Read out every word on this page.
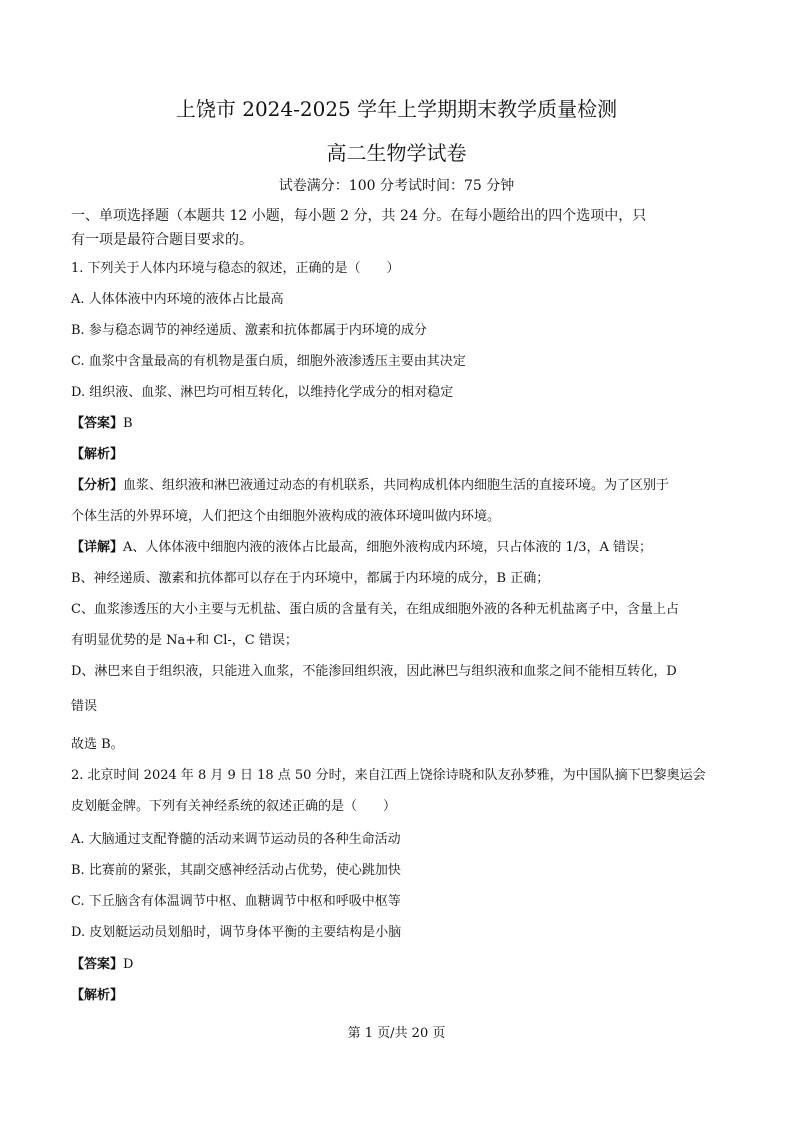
上饶市 2024-2025 学年上学期期末教学质量检测
高二生物学试卷
试卷满分：100 分考试时间：75 分钟
一、单项选择题（本题共 12 小题，每小题 2 分，共 24 分。在每小题给出的四个选项中，只
有一项是最符合题目要求的。
1. 下列关于人体内环境与稳态的叙述，正确的是（　　）
A. 人体体液中内环境的液体占比最高
B. 参与稳态调节的神经递质、激素和抗体都属于内环境的成分
C. 血浆中含量最高的有机物是蛋白质，细胞外液渗透压主要由其决定
D. 组织液、血浆、淋巴均可相互转化，以维持化学成分的相对稳定
【答案】B
【解析】
【分析】血浆、组织液和淋巴液通过动态的有机联系，共同构成机体内细胞生活的直接环境。为了区别于
个体生活的外界环境，人们把这个由细胞外液构成的液体环境叫做内环境。
【详解】A、人体体液中细胞内液的液体占比最高，细胞外液构成内环境，只占体液的 1/3，A 错误；
B、神经递质、激素和抗体都可以存在于内环境中，都属于内环境的成分，B 正确；
C、血浆渗透压的大小主要与无机盐、蛋白质的含量有关，在组成细胞外液的各种无机盐离子中，含量上占
有明显优势的是 Na+和 Cl-，C 错误；
D、淋巴来自于组织液，只能进入血浆，不能渗回组织液，因此淋巴与组织液和血浆之间不能相互转化，D
错误
故选 B。
2. 北京时间 2024 年 8 月 9 日 18 点 50 分时，来自江西上饶徐诗晓和队友孙梦雅，为中国队摘下巴黎奥运会
皮划艇金牌。下列有关神经系统的叙述正确的是（　　）
A. 大脑通过支配脊髓的活动来调节运动员的各种生命活动
B. 比赛前的紧张，其副交感神经活动占优势，使心跳加快
C. 下丘脑含有体温调节中枢、血糖调节中枢和呼吸中枢等
D. 皮划艇运动员划船时，调节身体平衡的主要结构是小脑
【答案】D
【解析】
第 1 页/共 20 页
